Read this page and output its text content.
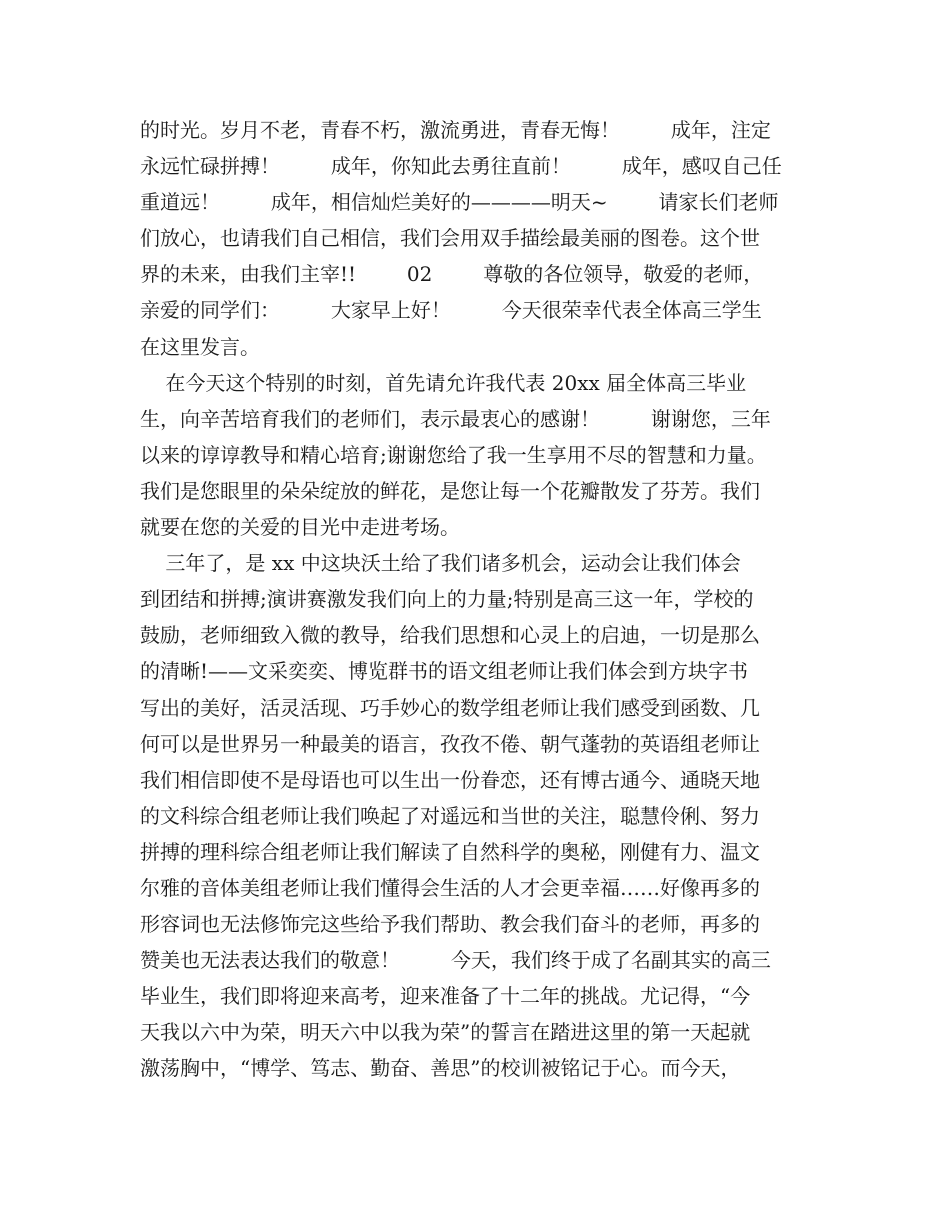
的时光。岁月不老，青春不朽，激流勇进，青春无悔！        成年，注定
永远忙碌拼搏！        成年，你知此去勇往直前！        成年，感叹自己任
重道远！        成年，相信灿烂美好的————明天~        请家长们老师
们放心，也请我们自己相信，我们会用双手描绘最美丽的图卷。这个世
界的未来，由我们主宰!!        02        尊敬的各位领导，敬爱的老师，
亲爱的同学们：        大家早上好！        今天很荣幸代表全体高三学生
在这里发言。
在今天这个特别的时刻，首先请允许我代表 20xx 届全体高三毕业
生，向辛苦培育我们的老师们，表示最衷心的感谢！        谢谢您，三年
以来的谆谆教导和精心培育;谢谢您给了我一生享用不尽的智慧和力量。
我们是您眼里的朵朵绽放的鲜花，是您让每一个花瓣散发了芬芳。我们
就要在您的关爱的目光中走进考场。
三年了，是 xx 中这块沃土给了我们诸多机会，运动会让我们体会
到团结和拼搏;演讲赛激发我们向上的力量;特别是高三这一年，学校的
鼓励，老师细致入微的教导，给我们思想和心灵上的启迪，一切是那么
的清晰!——文采奕奕、博览群书的语文组老师让我们体会到方块字书
写出的美好，活灵活现、巧手妙心的数学组老师让我们感受到函数、几
何可以是世界另一种最美的语言，孜孜不倦、朝气蓬勃的英语组老师让
我们相信即使不是母语也可以生出一份眷恋，还有博古通今、通晓天地
的文科综合组老师让我们唤起了对遥远和当世的关注，聪慧伶俐、努力
拼搏的理科综合组老师让我们解读了自然科学的奥秘，刚健有力、温文
尔雅的音体美组老师让我们懂得会生活的人才会更幸福……好像再多的
形容词也无法修饰完这些给予我们帮助、教会我们奋斗的老师，再多的
赞美也无法表达我们的敬意！        今天，我们终于成了名副其实的高三
毕业生，我们即将迎来高考，迎来准备了十二年的挑战。尤记得，“今
天我以六中为荣，明天六中以我为荣”的誓言在踏进这里的第一天起就
激荡胸中，“博学、笃志、勤奋、善思”的校训被铭记于心。而今天，
